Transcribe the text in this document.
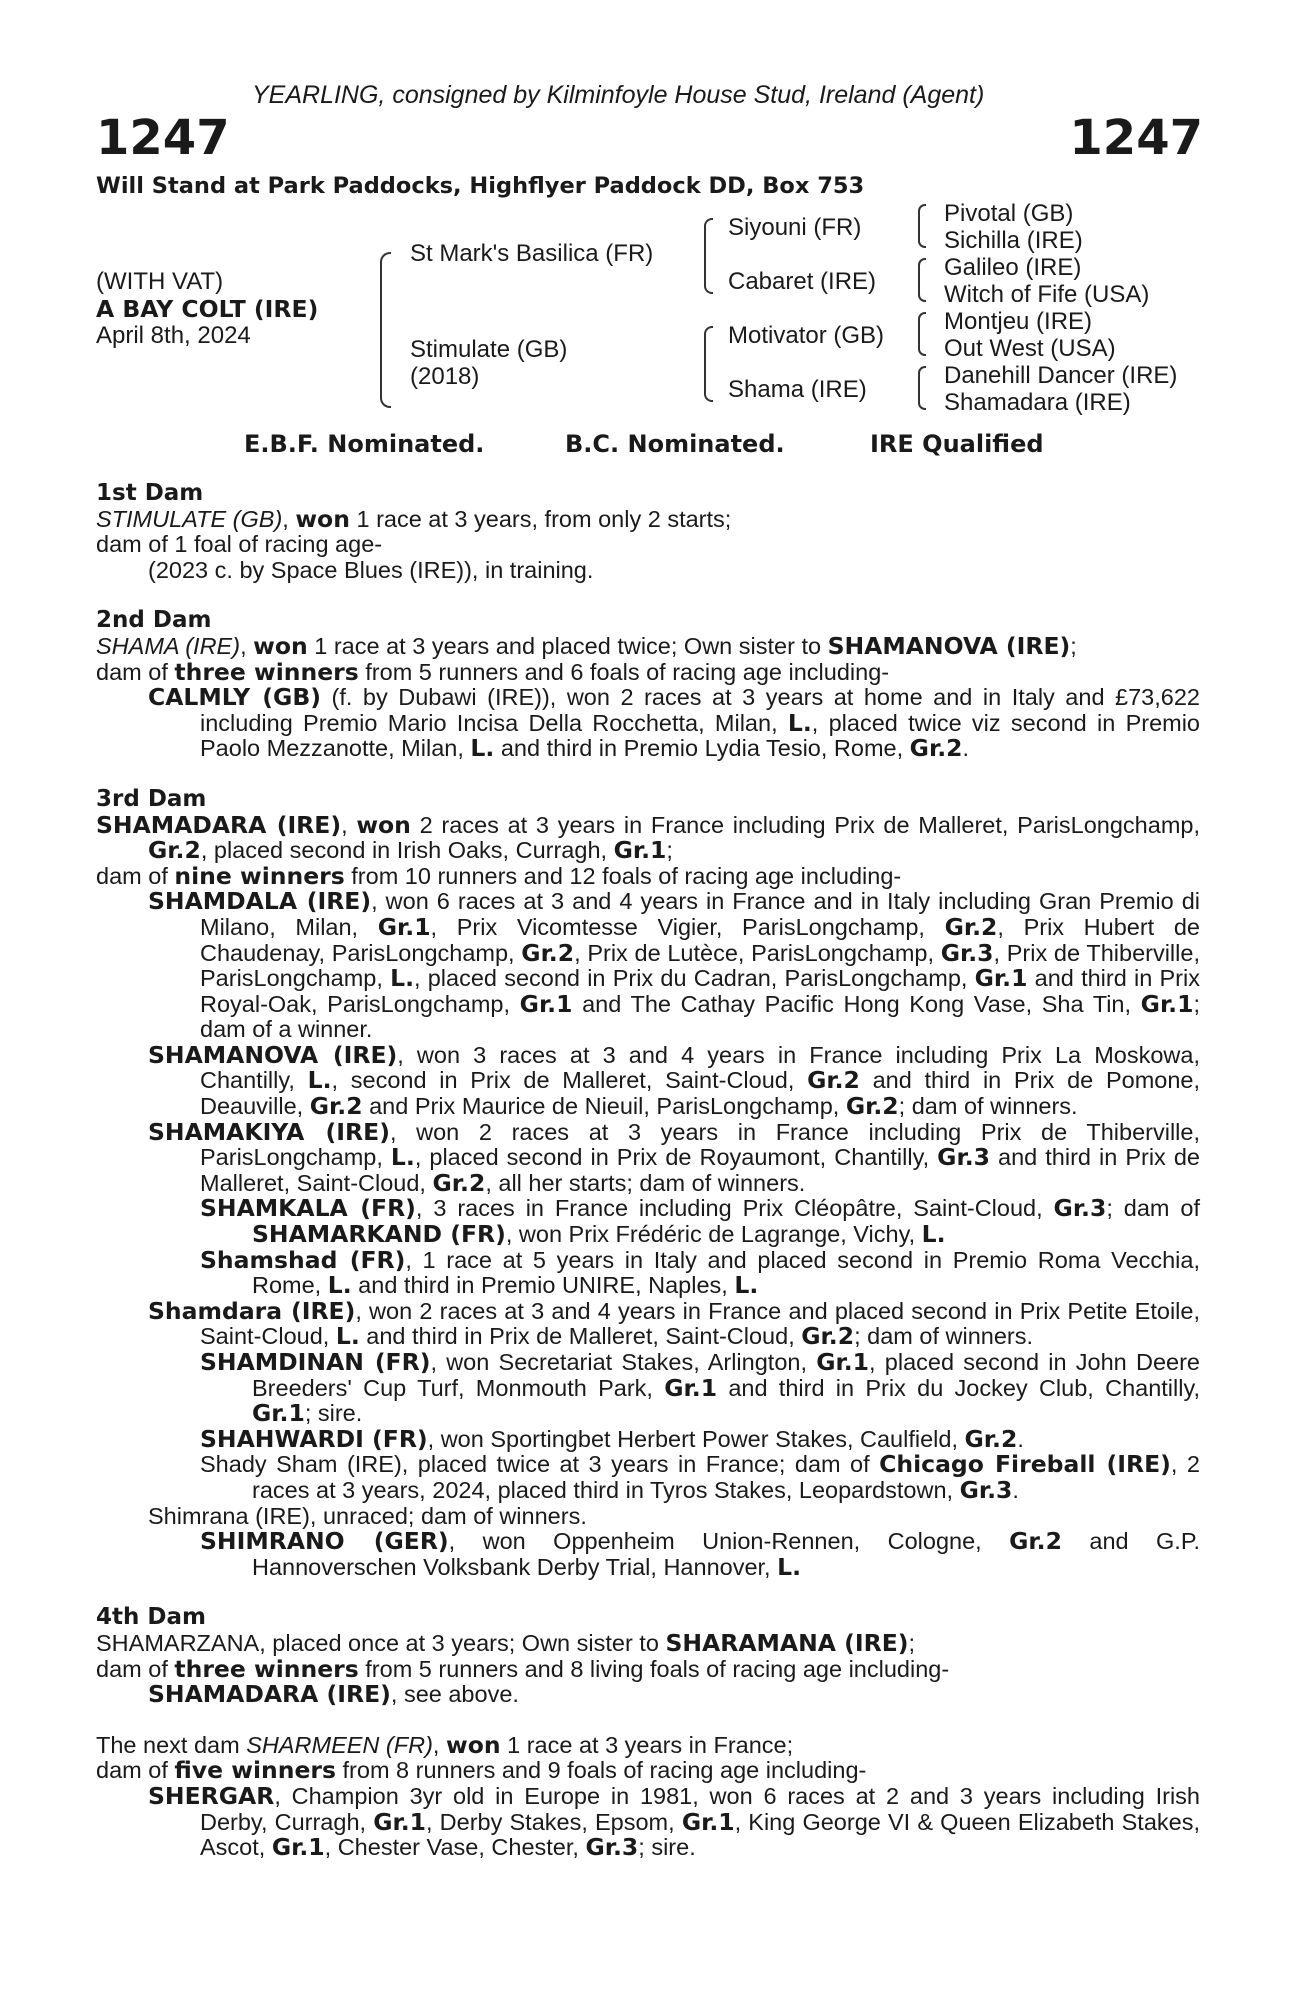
YEARLING, consigned by Kilminfoyle House Stud, Ireland (Agent)
1247	1247
Will Stand at Park Paddocks, Highflyer Paddock DD, Box 753
(WITH VAT)
A BAY COLT (IRE)
April 8th, 2024
St Mark's Basilica (FR)
Stimulate (GB)
(2018)
Siyouni (FR)
Cabaret (IRE)
Motivator (GB)
Shama (IRE)
Pivotal (GB)
Sichilla (IRE)
Galileo (IRE)
Witch of Fife (USA)
Montjeu (IRE)
Out West (USA)
Danehill Dancer (IRE)
Shamadara (IRE)
E.B.F. Nominated.	B.C. Nominated.	IRE Qualified
1st Dam
STIMULATE (GB), won 1 race at 3 years, from only 2 starts;
dam of 1 foal of racing age-
(2023 c. by Space Blues (IRE)), in training.
2nd Dam
SHAMA (IRE), won 1 race at 3 years and placed twice; Own sister to SHAMANOVA (IRE);
dam of three winners from 5 runners and 6 foals of racing age including-
CALMLY (GB) (f. by Dubawi (IRE)), won 2 races at 3 years at home and in Italy and £73,622 including Premio Mario Incisa Della Rocchetta, Milan, L., placed twice viz second in Premio Paolo Mezzanotte, Milan, L. and third in Premio Lydia Tesio, Rome, Gr.2.
3rd Dam
SHAMADARA (IRE), won 2 races at 3 years in France including Prix de Malleret, ParisLongchamp, Gr.2, placed second in Irish Oaks, Curragh, Gr.1;
dam of nine winners from 10 runners and 12 foals of racing age including-
SHAMDALA (IRE), won 6 races at 3 and 4 years in France and in Italy including Gran Premio di Milano, Milan, Gr.1, Prix Vicomtesse Vigier, ParisLongchamp, Gr.2, Prix Hubert de Chaudenay, ParisLongchamp, Gr.2, Prix de Lutèce, ParisLongchamp, Gr.3, Prix de Thiberville, ParisLongchamp, L., placed second in Prix du Cadran, ParisLongchamp, Gr.1 and third in Prix Royal-Oak, ParisLongchamp, Gr.1 and The Cathay Pacific Hong Kong Vase, Sha Tin, Gr.1; dam of a winner.
SHAMANOVA (IRE), won 3 races at 3 and 4 years in France including Prix La Moskowa, Chantilly, L., second in Prix de Malleret, Saint-Cloud, Gr.2 and third in Prix de Pomone, Deauville, Gr.2 and Prix Maurice de Nieuil, ParisLongchamp, Gr.2; dam of winners.
SHAMAKIYA (IRE), won 2 races at 3 years in France including Prix de Thiberville, ParisLongchamp, L., placed second in Prix de Royaumont, Chantilly, Gr.3 and third in Prix de Malleret, Saint-Cloud, Gr.2, all her starts; dam of winners.
SHAMKALA (FR), 3 races in France including Prix Cléopâtre, Saint-Cloud, Gr.3; dam of SHAMARKAND (FR), won Prix Frédéric de Lagrange, Vichy, L.
Shamshad (FR), 1 race at 5 years in Italy and placed second in Premio Roma Vecchia, Rome, L. and third in Premio UNIRE, Naples, L.
Shamdara (IRE), won 2 races at 3 and 4 years in France and placed second in Prix Petite Etoile, Saint-Cloud, L. and third in Prix de Malleret, Saint-Cloud, Gr.2; dam of winners.
SHAMDINAN (FR), won Secretariat Stakes, Arlington, Gr.1, placed second in John Deere Breeders' Cup Turf, Monmouth Park, Gr.1 and third in Prix du Jockey Club, Chantilly, Gr.1; sire.
SHAHWARDI (FR), won Sportingbet Herbert Power Stakes, Caulfield, Gr.2.
Shady Sham (IRE), placed twice at 3 years in France; dam of Chicago Fireball (IRE), 2 races at 3 years, 2024, placed third in Tyros Stakes, Leopardstown, Gr.3.
Shimrana (IRE), unraced; dam of winners.
SHIMRANO (GER), won Oppenheim Union-Rennen, Cologne, Gr.2 and G.P. Hannoverschen Volksbank Derby Trial, Hannover, L.
4th Dam
SHAMARZANA, placed once at 3 years; Own sister to SHARAMANA (IRE);
dam of three winners from 5 runners and 8 living foals of racing age including-
SHAMADARA (IRE), see above.
The next dam SHARMEEN (FR), won 1 race at 3 years in France;
dam of five winners from 8 runners and 9 foals of racing age including-
SHERGAR, Champion 3yr old in Europe in 1981, won 6 races at 2 and 3 years including Irish Derby, Curragh, Gr.1, Derby Stakes, Epsom, Gr.1, King George VI & Queen Elizabeth Stakes, Ascot, Gr.1, Chester Vase, Chester, Gr.3; sire.
